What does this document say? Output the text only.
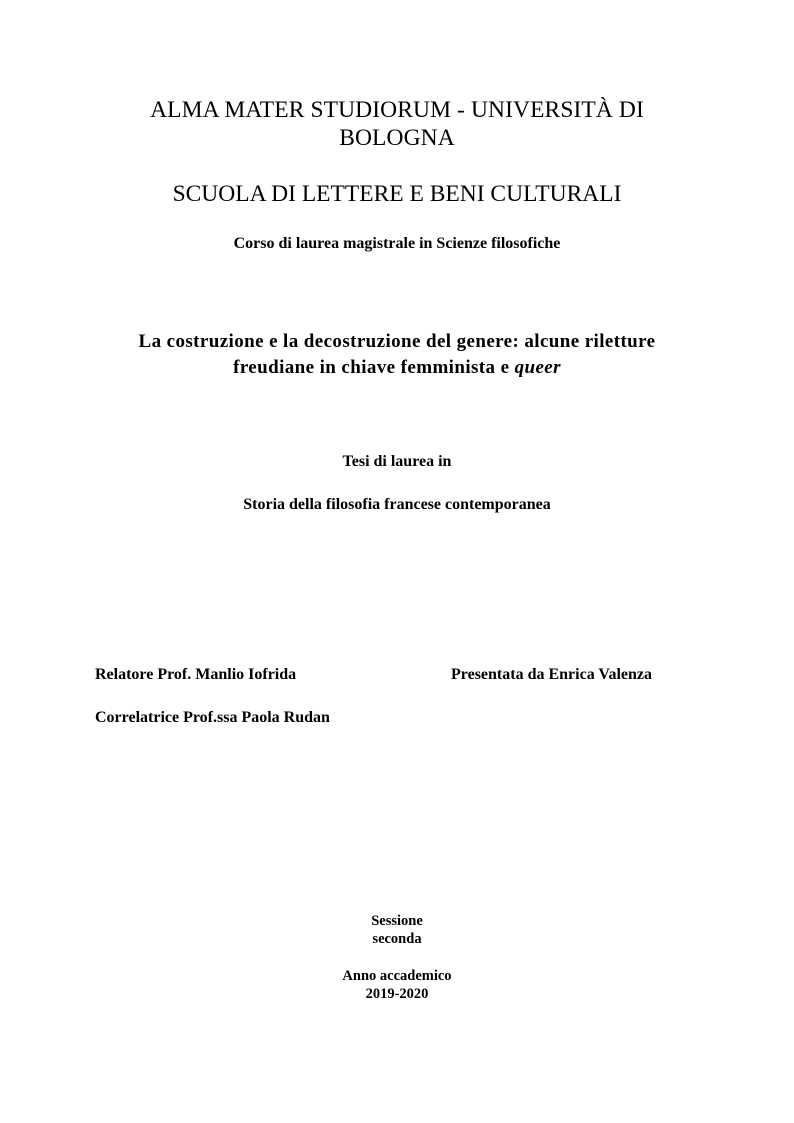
ALMA MATER STUDIORUM - UNIVERSITÀ DI
BOLOGNA
SCUOLA DI LETTERE E BENI CULTURALI
Corso di laurea magistrale in Scienze filosofiche
La costruzione e la decostruzione del genere: alcune riletture
freudiane in chiave femminista e queer
Tesi di laurea in
Storia della filosofia francese contemporanea
Relatore Prof. Manlio Iofrida	Presentata da Enrica Valenza
Correlatrice Prof.ssa Paola Rudan
Sessione
seconda
Anno accademico
2019-2020
